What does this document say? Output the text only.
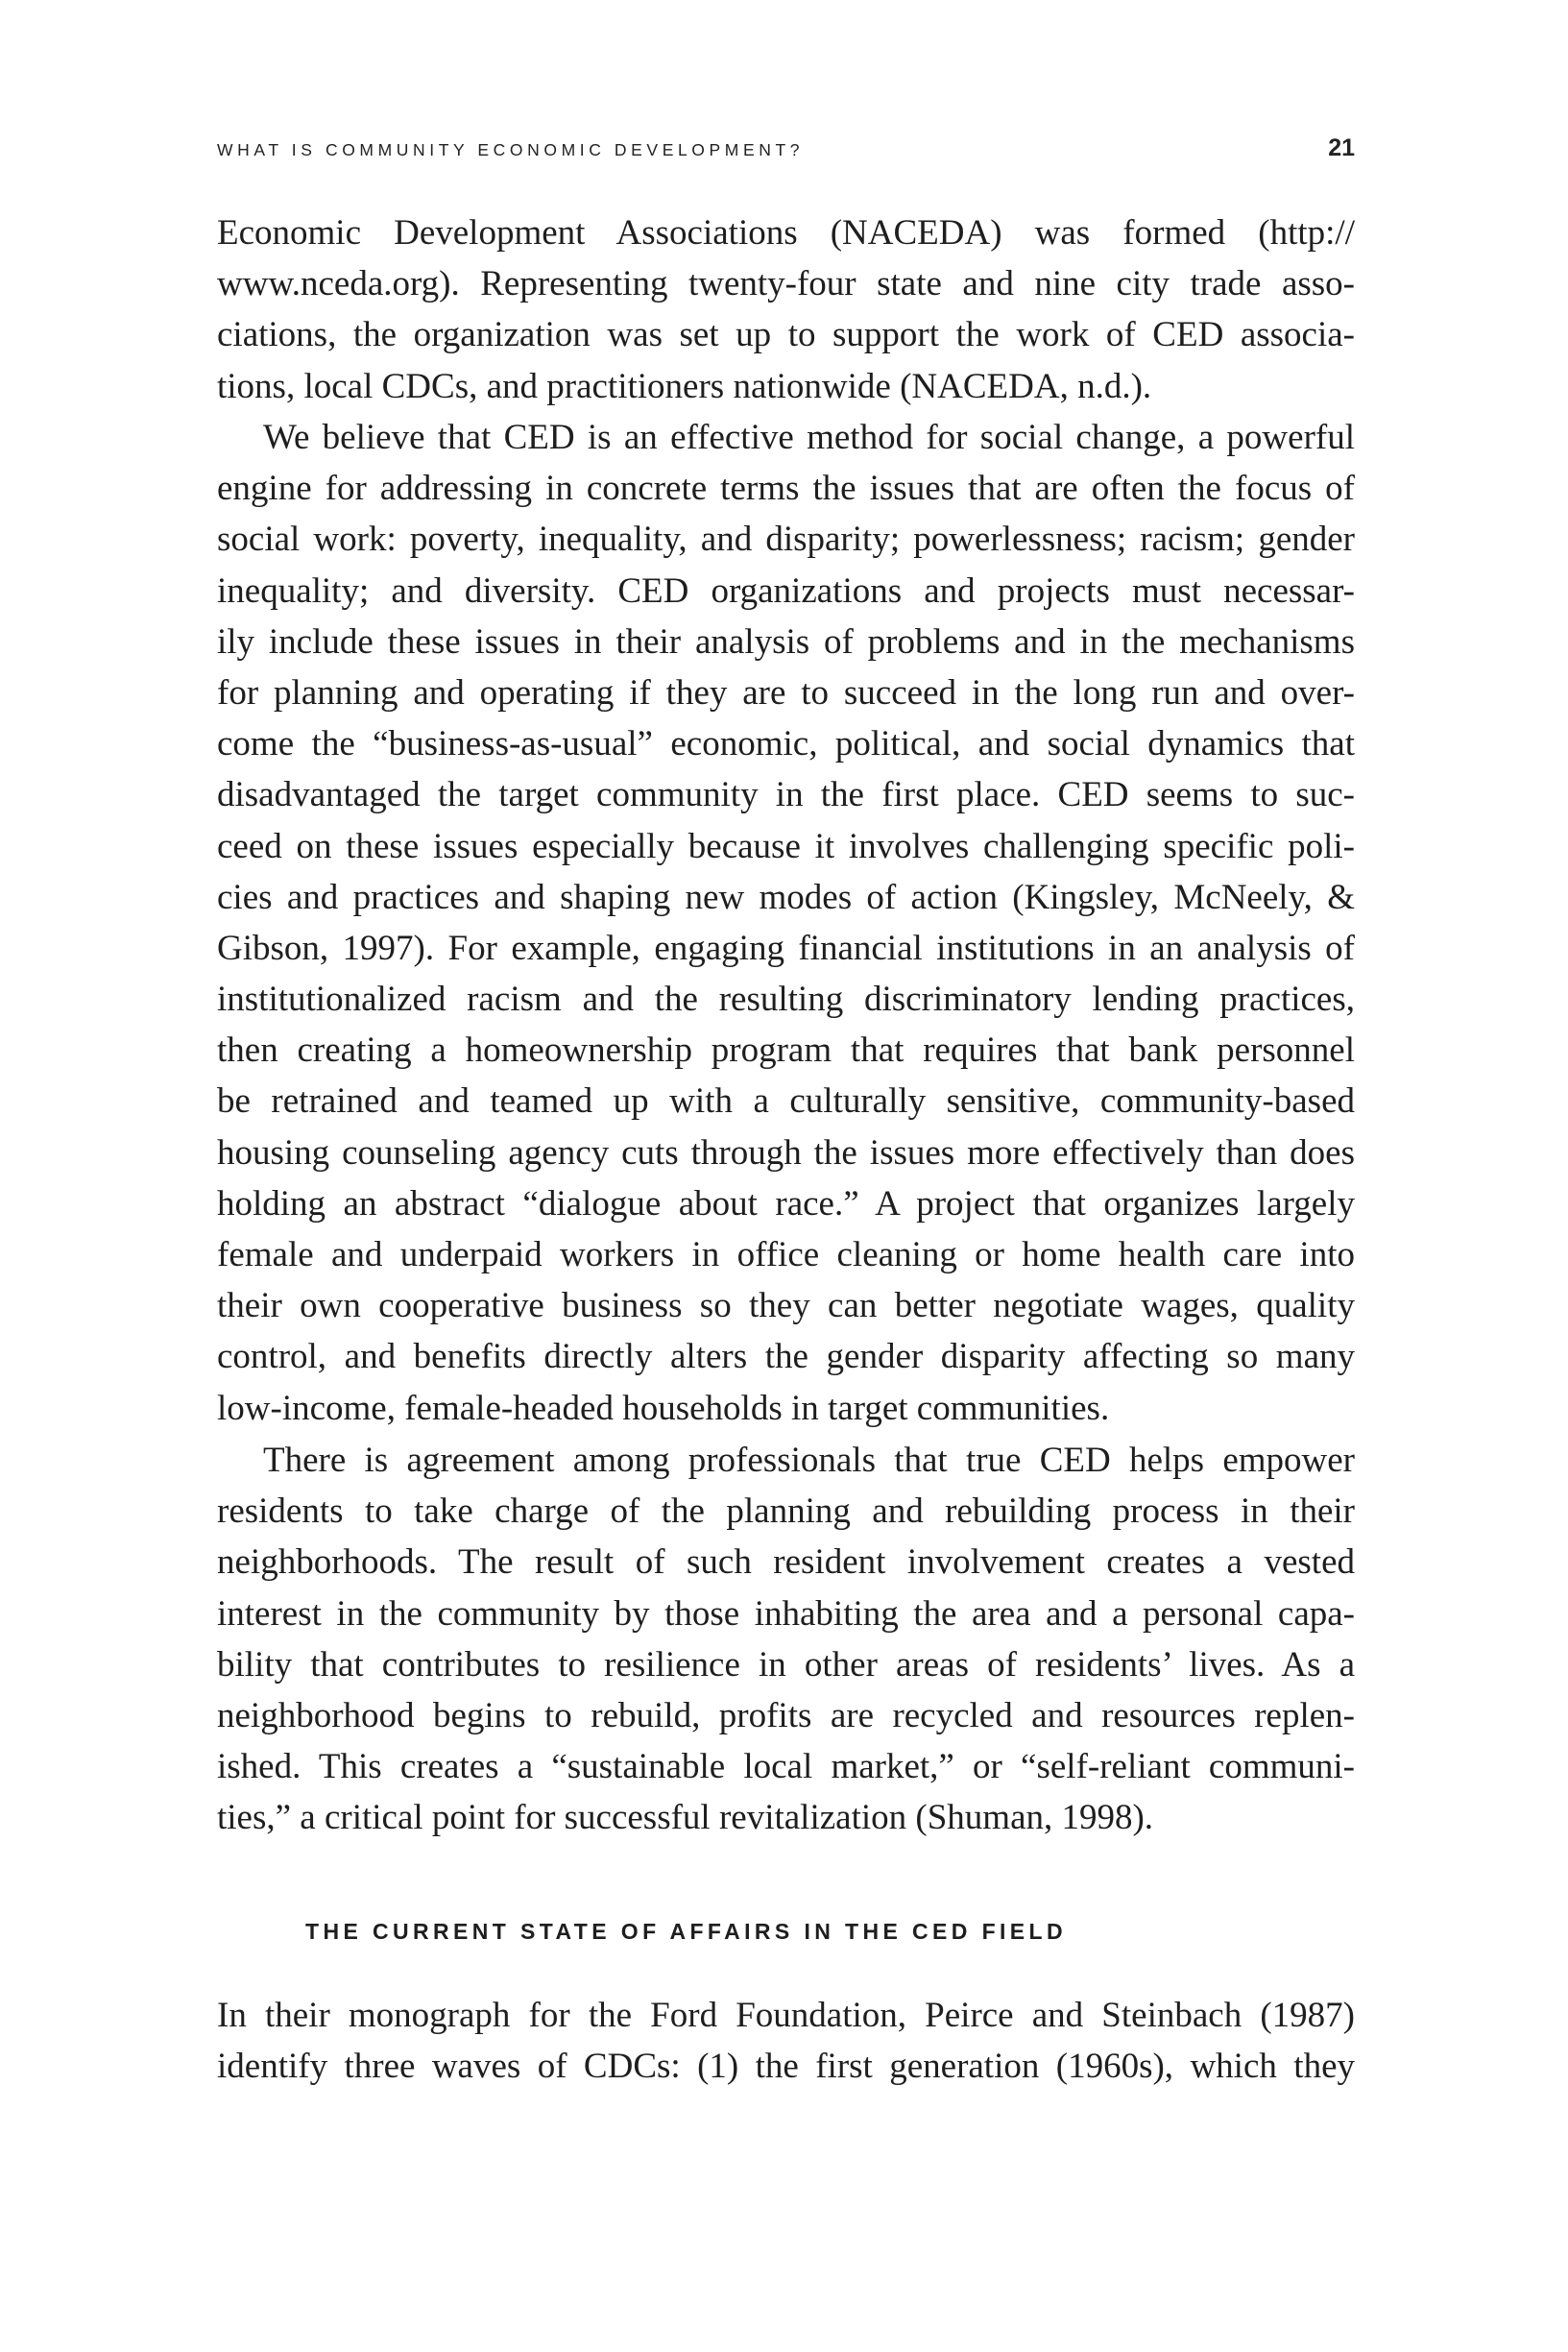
WHAT IS COMMUNITY ECONOMIC DEVELOPMENT?	21
Economic Development Associations (NACEDA) was formed (http://
www.nceda.org). Representing twenty-four state and nine city trade asso-
ciations, the organization was set up to support the work of CED associa-
tions, local CDCs, and practitioners nationwide (NACEDA, n.d.).
We believe that CED is an effective method for social change, a powerful
engine for addressing in concrete terms the issues that are often the focus of
social work: poverty, inequality, and disparity; powerlessness; racism; gender
inequality; and diversity. CED organizations and projects must necessar-
ily include these issues in their analysis of problems and in the mechanisms
for planning and operating if they are to succeed in the long run and over-
come the “business-as-usual” economic, political, and social dynamics that
disadvantaged the target community in the first place. CED seems to suc-
ceed on these issues especially because it involves challenging specific poli-
cies and practices and shaping new modes of action (Kingsley, McNeely, &
Gibson, 1997). For example, engaging financial institutions in an analysis of
institutionalized racism and the resulting discriminatory lending practices,
then creating a homeownership program that requires that bank personnel
be retrained and teamed up with a culturally sensitive, community-based
housing counseling agency cuts through the issues more effectively than does
holding an abstract “dialogue about race.” A project that organizes largely
female and underpaid workers in office cleaning or home health care into
their own cooperative business so they can better negotiate wages, quality
control, and benefits directly alters the gender disparity affecting so many
low-income, female-headed households in target communities.
There is agreement among professionals that true CED helps empower
residents to take charge of the planning and rebuilding process in their
neighborhoods. The result of such resident involvement creates a vested
interest in the community by those inhabiting the area and a personal capa-
bility that contributes to resilience in other areas of residents’ lives. As a
neighborhood begins to rebuild, profits are recycled and resources replen-
ished. This creates a “sustainable local market,” or “self-reliant communi-
ties,” a critical point for successful revitalization (Shuman, 1998).
THE CURRENT STATE OF AFFAIRS IN THE CED FIELD
In their monograph for the Ford Foundation, Peirce and Steinbach (1987)
identify three waves of CDCs: (1) the first generation (1960s), which they
